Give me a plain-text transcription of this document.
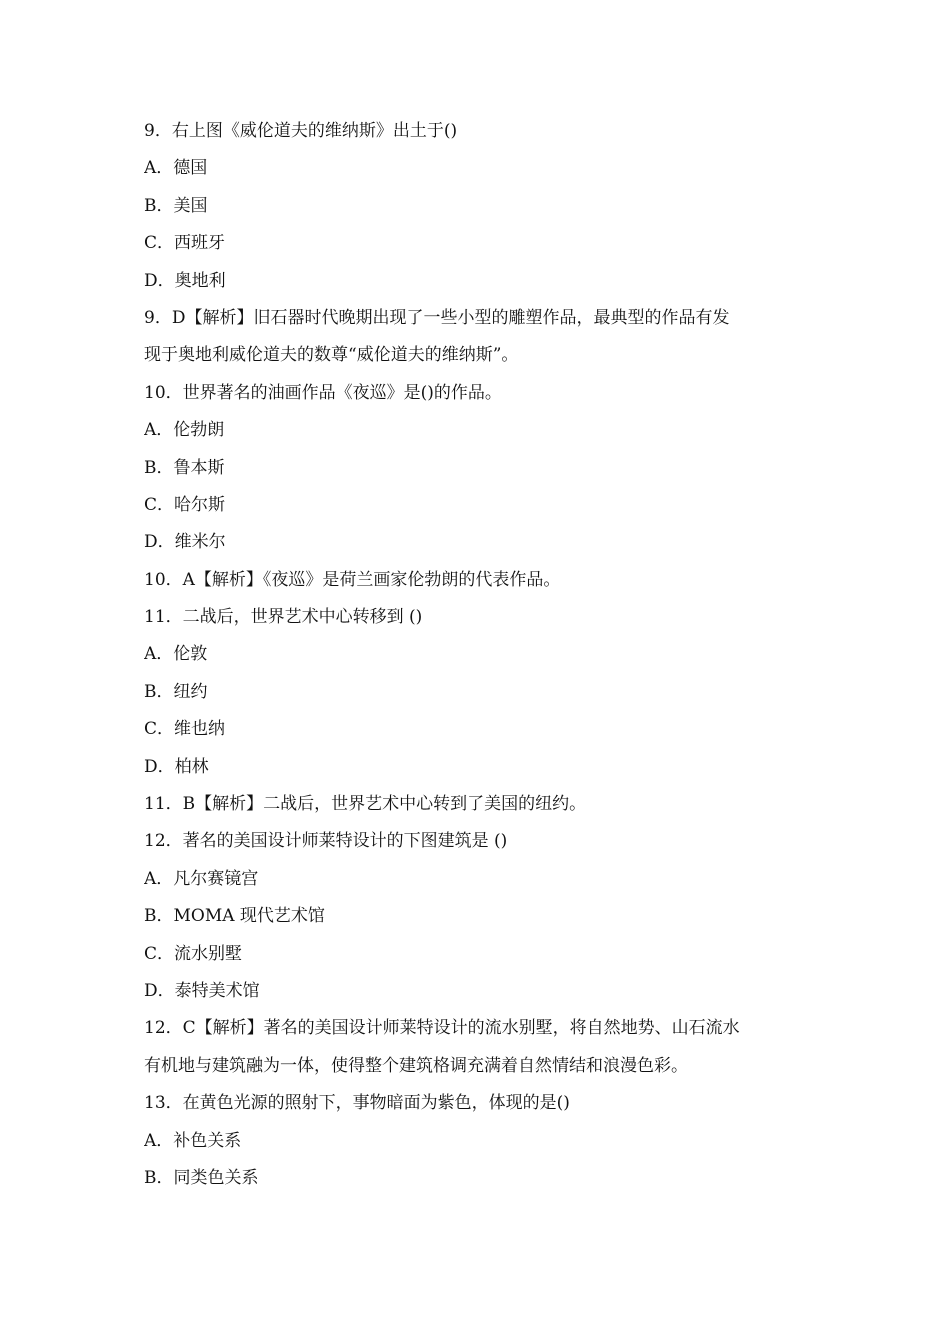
9．右上图《威伦道夫的维纳斯》出土于()
A．德国
B．美国
C．西班牙
D．奥地利
9．D【解析】旧石器时代晚期出现了一些小型的雕塑作品，最典型的作品有发
现于奥地利威伦道夫的数尊“威伦道夫的维纳斯”。
10．世界著名的油画作品《夜巡》是()的作品。
A．伦勃朗
B．鲁本斯
C．哈尔斯
D．维米尔
10．A【解析】《夜巡》是荷兰画家伦勃朗的代表作品。
11．二战后，世界艺术中心转移到 ()
A．伦敦
B．纽约
C．维也纳
D．柏林
11．B【解析】二战后，世界艺术中心转到了美国的纽约。
12．著名的美国设计师莱特设计的下图建筑是 ()
A．凡尔赛镜宫
B．MOMA 现代艺术馆
C．流水别墅
D．泰特美术馆
12．C【解析】著名的美国设计师莱特设计的流水别墅，将自然地势、山石流水
有机地与建筑融为一体，使得整个建筑格调充满着自然情结和浪漫色彩。
13．在黄色光源的照射下，事物暗面为紫色，体现的是()
A．补色关系
B．同类色关系
